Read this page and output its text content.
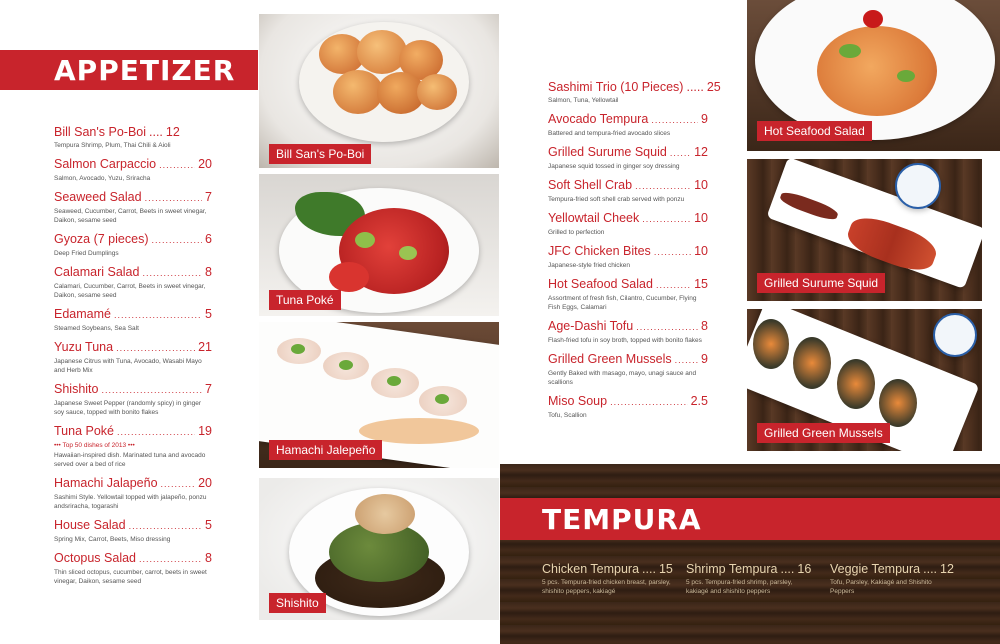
APPETIZER
Bill San's Po-Boi .... 12
Tempura Shrimp, Plum, Thai Chili & Aioli
Salmon Carpaccio .....	20
Salmon, Avocado, Yuzu, Sriracha
Seaweed Salad .....	7
Seaweed, Cucumber, Carrot, Beets in sweet vinegar, Daikon, sesame seed
Gyoza (7 pieces) .....	6
Deep Fried Dumplings
Calamari Salad .....	8
Calamari, Cucumber, Carrot, Beets in sweet vinegar, Daikon, sesame seed
Edamamé .....	5
Steamed Soybeans, Sea Salt
Yuzu Tuna .....	21
Japanese Citrus with Tuna, Avocado, Wasabi Mayo and Herb Mix
Shishito .....	7
Japanese Sweet Pepper (randomly spicy) in ginger soy sauce, topped with bonito flakes
Tuna Poké .....	19
••• Top 50 dishes of 2013 •••
Hawaiian-inspired dish. Marinated tuna and avocado served over a bed of rice
Hamachi Jalapeño .....	20
Sashimi Style. Yellowtail topped with jalapeño, ponzu andsriracha, togarashi
House Salad .....	5
Spring Mix, Carrot, Beets, Miso dressing
Octopus Salad .....	8
Thin sliced octopus, cucumber, carrot, beets in sweet vinegar, Daikon, sesame seed
Bill San's Po-Boi
Tuna Poké
Hamachi Jalepeño
Shishito
Hot Seafood Salad
Grilled Surume Squid
Grilled Green Mussels
Sashimi Trio (10 Pieces) ..... 25
Salmon, Tuna, Yellowtail
Avocado Tempura .....	9
Battered and tempura-fried avocado slices
Grilled Surume Squid ..... 12
Japanese squid tossed in ginger soy dressing
Soft Shell Crab .....	10
Tempura-fried soft shell crab served with ponzu
Yellowtail Cheek .....	10
Grilled to perfection
JFC Chicken Bites .....	10
Japanese-style fried chicken
Hot Seafood Salad .....	15
Assortment of fresh fish, Cilantro, Cucumber, Flying Fish Eggs, Calamari
Age-Dashi Tofu .....	8
Flash-fried tofu in soy broth, topped with bonito flakes
Grilled Green Mussels ..... 9
Gently Baked with masago, mayo, unagi sauce and scallions
Miso Soup .....	2.5
Tofu, Scallion
TEMPURA
Chicken Tempura .... 15
5 pcs. Tempura-fried chicken breast, parsley, shishito peppers, kakiagé
Shrimp Tempura .... 16
5 pcs. Tempura-fried shrimp, parsley, kakiagé and shishito peppers
Veggie Tempura .... 12
Tofu, Parsley, Kakiagé and Shishito Peppers
